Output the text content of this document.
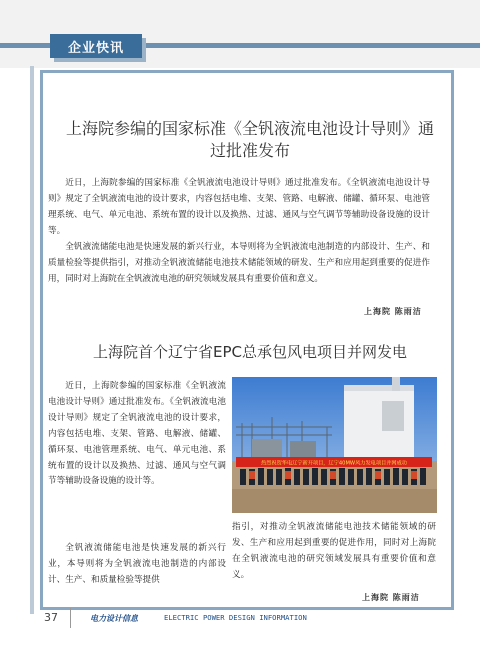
企业快讯
上海院参编的国家标准《全钒液流电池设计导则》通过批准发布

近日，上海院参编的国家标准《全钒液流电池设计导则》通过批准发布。《全钒液流电池设计导则》规定了全钒液流电池的设计要求，内容包括电堆、支架、管路、电解液、储罐、循环泵、电池管理系统、电气、单元电池、系统布置的设计以及换热、过滤、通风与空气调节等辅助设备设施的设计等。

全钒液流储能电池是快速发展的新兴行业，本导则将为全钒液流电池制造的内部设计、生产、和质量检验等提供指引，对推动全钒液流储能电池技术储能领域的研发、生产和应用起到重要的促进作用，同时对上海院在全钒液流电池的研究领域发展具有重要价值和意义。

上海院 陈雨洁
上海院首个辽宁省EPC总承包风电项目并网发电

近日，上海院参编的国家标准《全钒液流电池设计导则》通过批准发布。《全钒液流电池设计导则》规定了全钒液流电池的设计要求，内容包括电堆、支架、管路、电解液、储罐、循环泵、电池管理系统、电气、单元电池、系统布置的设计以及换热、过滤、通风与空气调节等辅助设备设施的设计等。

全钒液流储能电池是快速发展的新兴行业，本导则将为全钒液流电池制造的内部设计、生产、和质量检验等提供

热烈祝贺华电辽宁新开项目，辽宁40MW风力发电项目并网成功

指引，对推动全钒液流储能电池技术储能领域的研发、生产和应用起到重要的促进作用，同时对上海院在全钒液流电池的研究领域发展具有重要价值和意义。

上海院 陈雨洁
37	电力设计信息	ELECTRIC POWER DESIGN INFORMATION
